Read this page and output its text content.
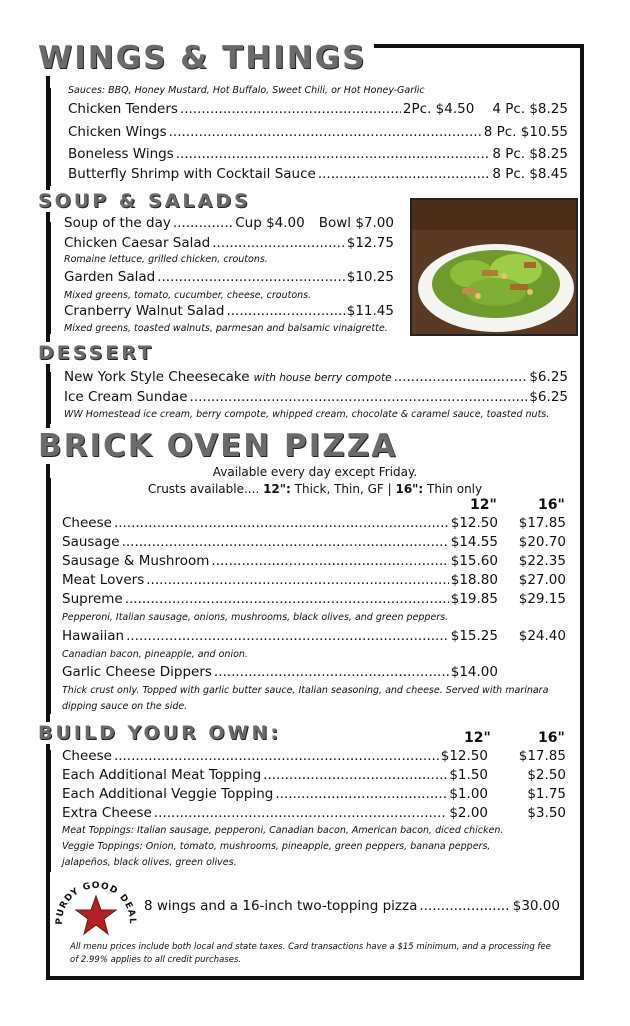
WINGS & THINGS
Sauces: BBQ, Honey Mustard, Hot Buffalo, Sweet Chili, or Hot Honey-Garlic
Chicken Tenders .....	2Pc. $4.50 4 Pc. $8.25
Chicken Wings .....	8 Pc. $10.55
Boneless Wings .....	8 Pc. $8.25
Butterfly Shrimp with Cocktail Sauce .....	8 Pc. $8.45
SOUP & SALADS
Soup of the day .....	Cup $4.00 Bowl $7.00
Chicken Caesar Salad .....	$12.75
Romaine lettuce, grilled chicken, croutons.
Garden Salad .....	$10.25
Mixed greens, tomato, cucumber, cheese, croutons.
Cranberry Walnut Salad .....	$11.45
Mixed greens, toasted walnuts, parmesan and balsamic vinaigrette.
DESSERT
New York Style Cheesecake with house berry compote .....	$6.25
Ice Cream Sundae .....	$6.25
WW Homestead ice cream, berry compote, whipped cream, chocolate & caramel sauce, toasted nuts.
BRICK OVEN PIZZA
Available every day except Friday.
Crusts available.... 12": Thick, Thin, GF | 16": Thin only
12"	16"
Cheese .....	$12.50	$17.85
Sausage .....	$14.55	$20.70
Sausage & Mushroom .....	$15.60	$22.35
Meat Lovers .....	$18.80	$27.00
Supreme .....	$19.85	$29.15
Pepperoni, Italian sausage, onions, mushrooms, black olives, and green peppers.
Hawaiian .....	$15.25	$24.40
Canadian bacon, pineapple, and onion.
Garlic Cheese Dippers .....	$14.00
Thick crust only. Topped with garlic butter sauce, Italian seasoning, and cheese. Served with marinara
dipping sauce on the side.
BUILD YOUR OWN:	12"	16"
Cheese .....	$12.50	$17.85
Each Additional Meat Topping .....	$1.50	$2.50
Each Additional Veggie Topping .....	$1.00	$1.75
Extra Cheese .....	$2.00	$3.50
Meat Toppings: Italian sausage, pepperoni, Canadian bacon, American bacon, diced chicken.
Veggie Toppings: Onion, tomato, mushrooms, pineapple, green peppers, banana peppers,
jalapeños, black olives, green olives.
PURDY GOOD DEAL
8 wings and a 16-inch two-topping pizza .....	$30.00
All menu prices include both local and state taxes. Card transactions have a $15 minimum, and a processing fee
of 2.99% applies to all credit purchases.
